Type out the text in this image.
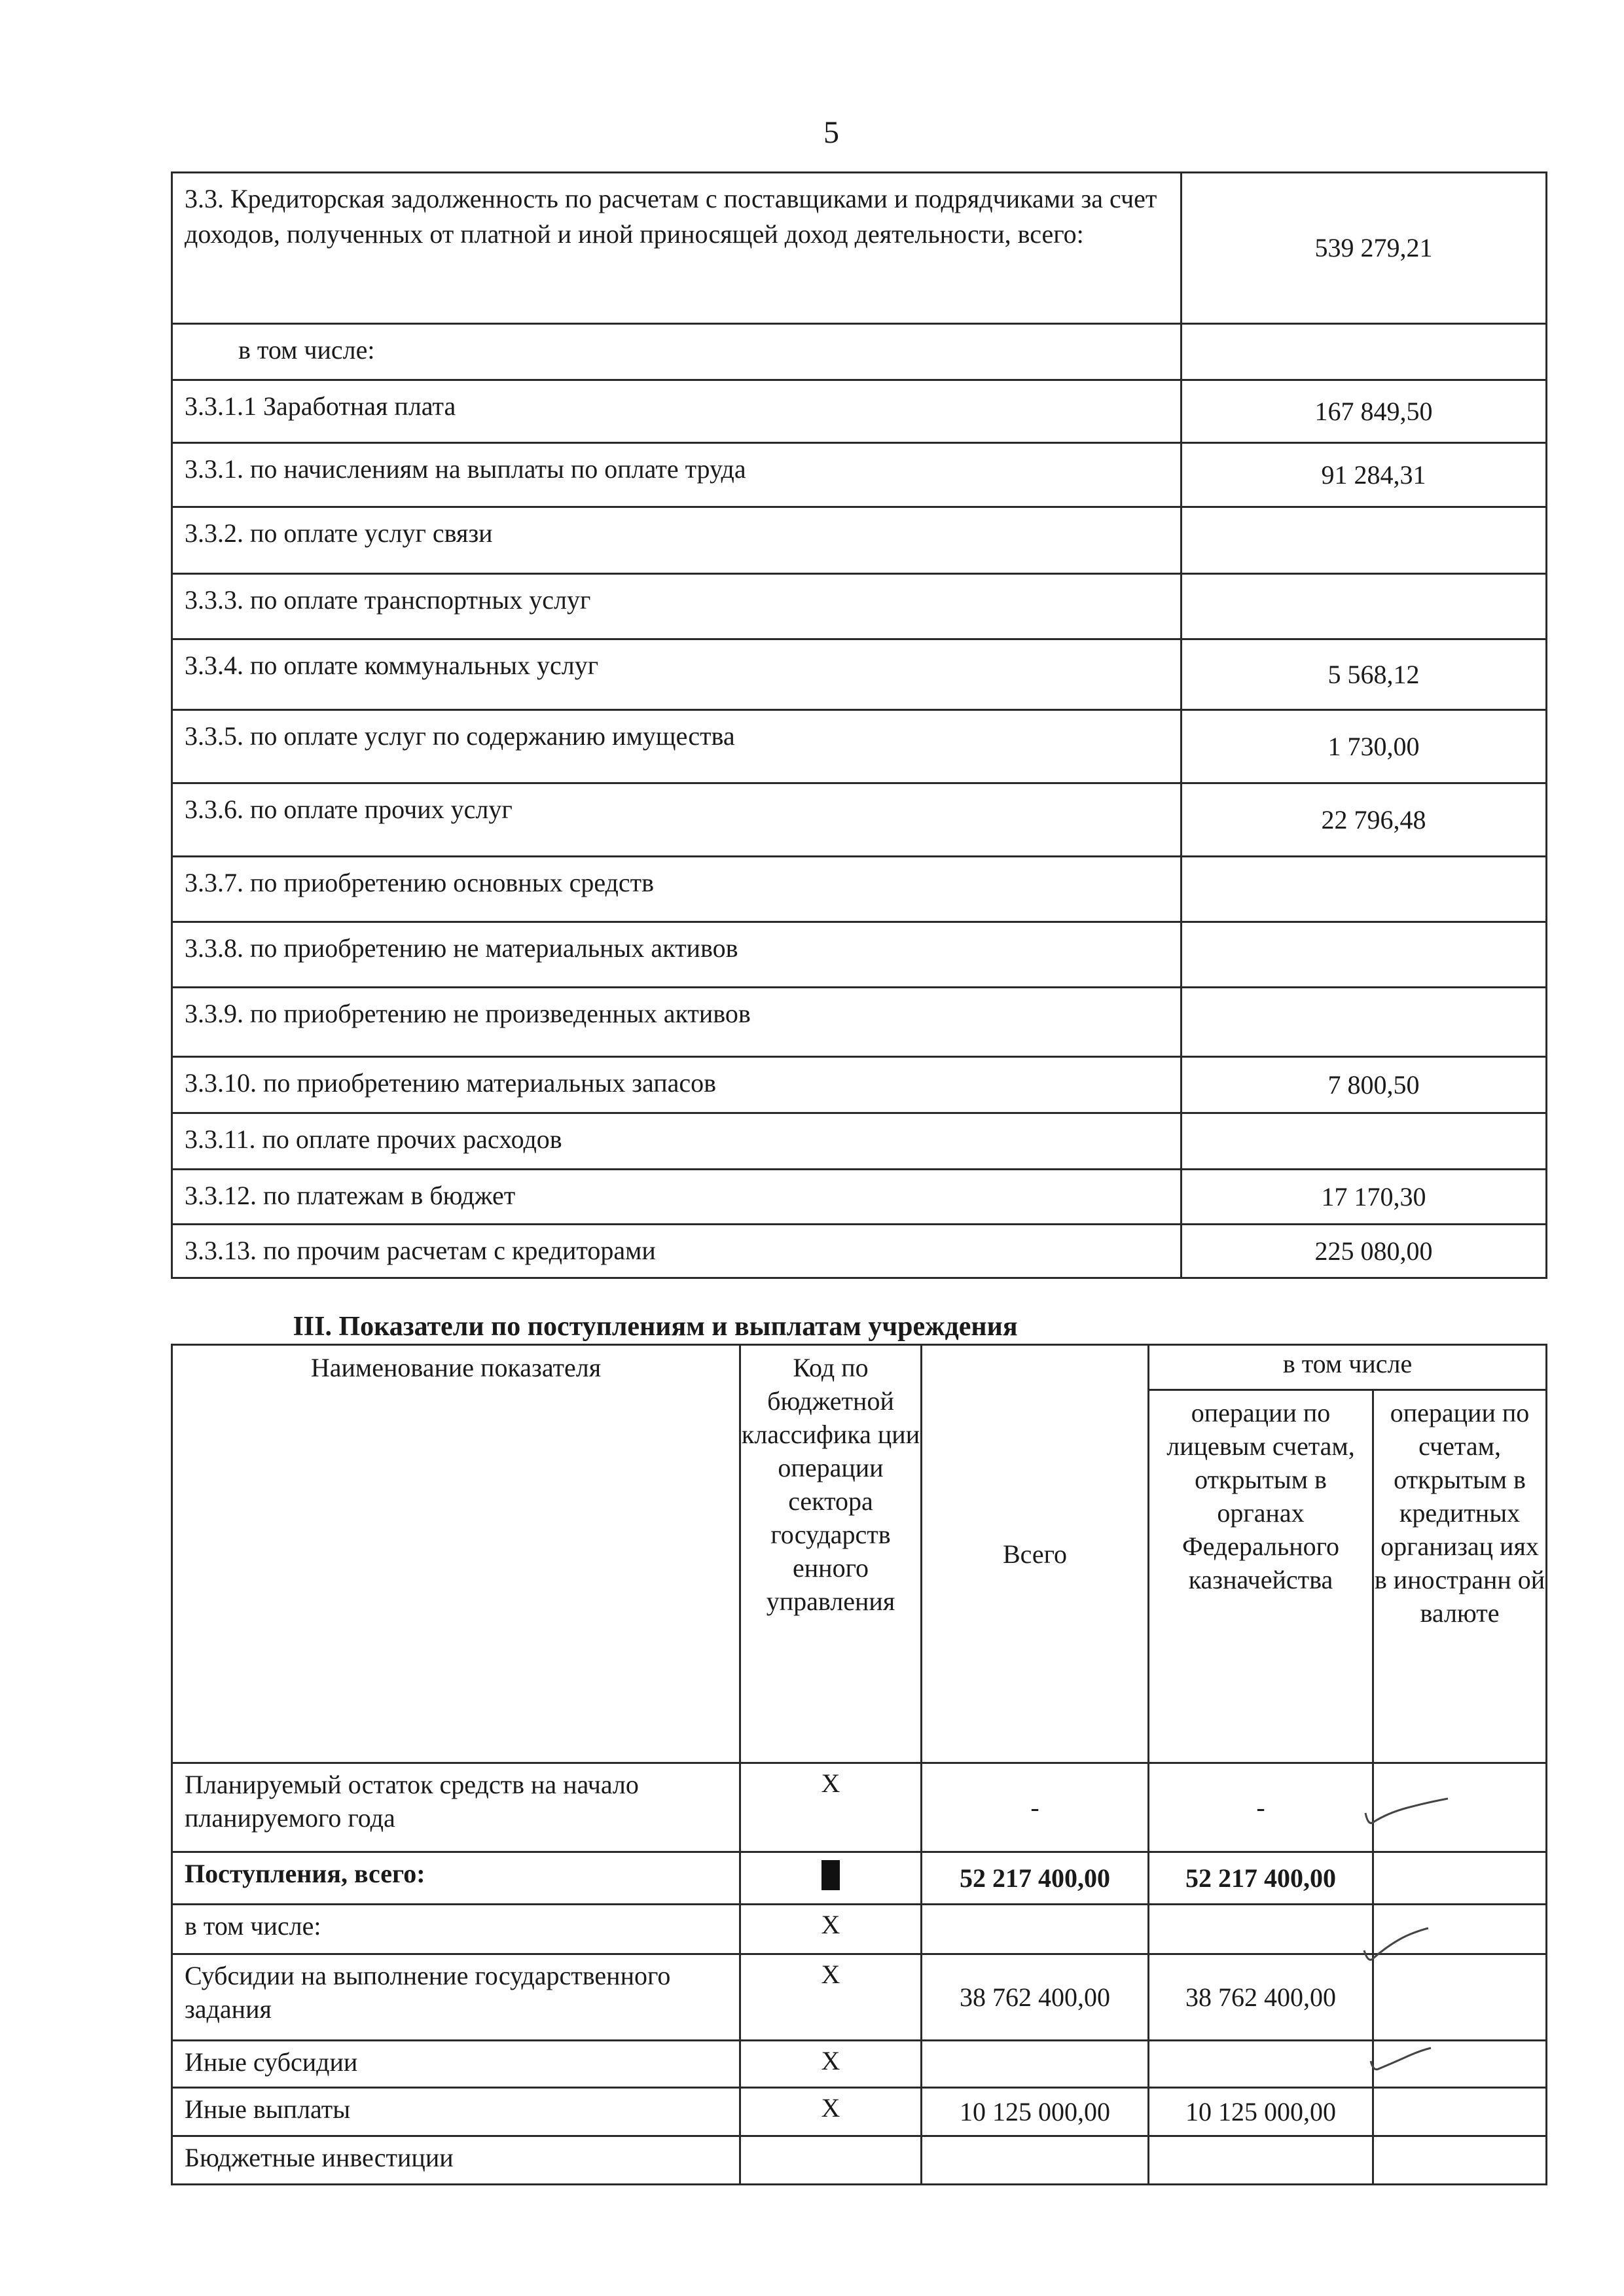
5
3.3. Кредиторская задолженность по расчетам с поставщиками и подрядчиками за счет доходов, полученных от платной и иной приносящей доход деятельности, всего:	539 279,21
в том числе:	
3.3.1.1 Заработная плата	167 849,50
3.3.1. по начислениям на выплаты по оплате труда	91 284,31
3.3.2. по оплате услуг связи	
3.3.3. по оплате транспортных услуг	
3.3.4. по оплате коммунальных услуг	5 568,12
3.3.5. по оплате услуг по содержанию имущества	1 730,00
3.3.6. по оплате прочих услуг	22 796,48
3.3.7. по приобретению основных средств	
3.3.8. по приобретению не материальных активов	
3.3.9. по приобретению не произведенных активов	
3.3.10. по приобретению материальных запасов	7 800,50
3.3.11. по оплате прочих расходов	
3.3.12. по платежам в бюджет	17 170,30
3.3.13. по прочим расчетам с кредиторами	225 080,00
III. Показатели по поступлениям и выплатам учреждения
Наименование показателя	Код по бюджетной классифика ции операции сектора государств енного управления	Всего	в том числе	
			операции по лицевым счетам, открытым в органах Федерального казначейства	операции по счетам, открытым в кредитных организац иях в иностранн ой валюте
Планируемый остаток средств на начало планируемого года	Х	-	-	
Поступления, всего:		52 217 400,00	52 217 400,00	
в том числе:	Х			
Субсидии на выполнение государственного задания	Х	38 762 400,00	38 762 400,00	
Иные субсидии	Х			
Иные выплаты	Х	10 125 000,00	10 125 000,00	
Бюджетные инвестиции				
